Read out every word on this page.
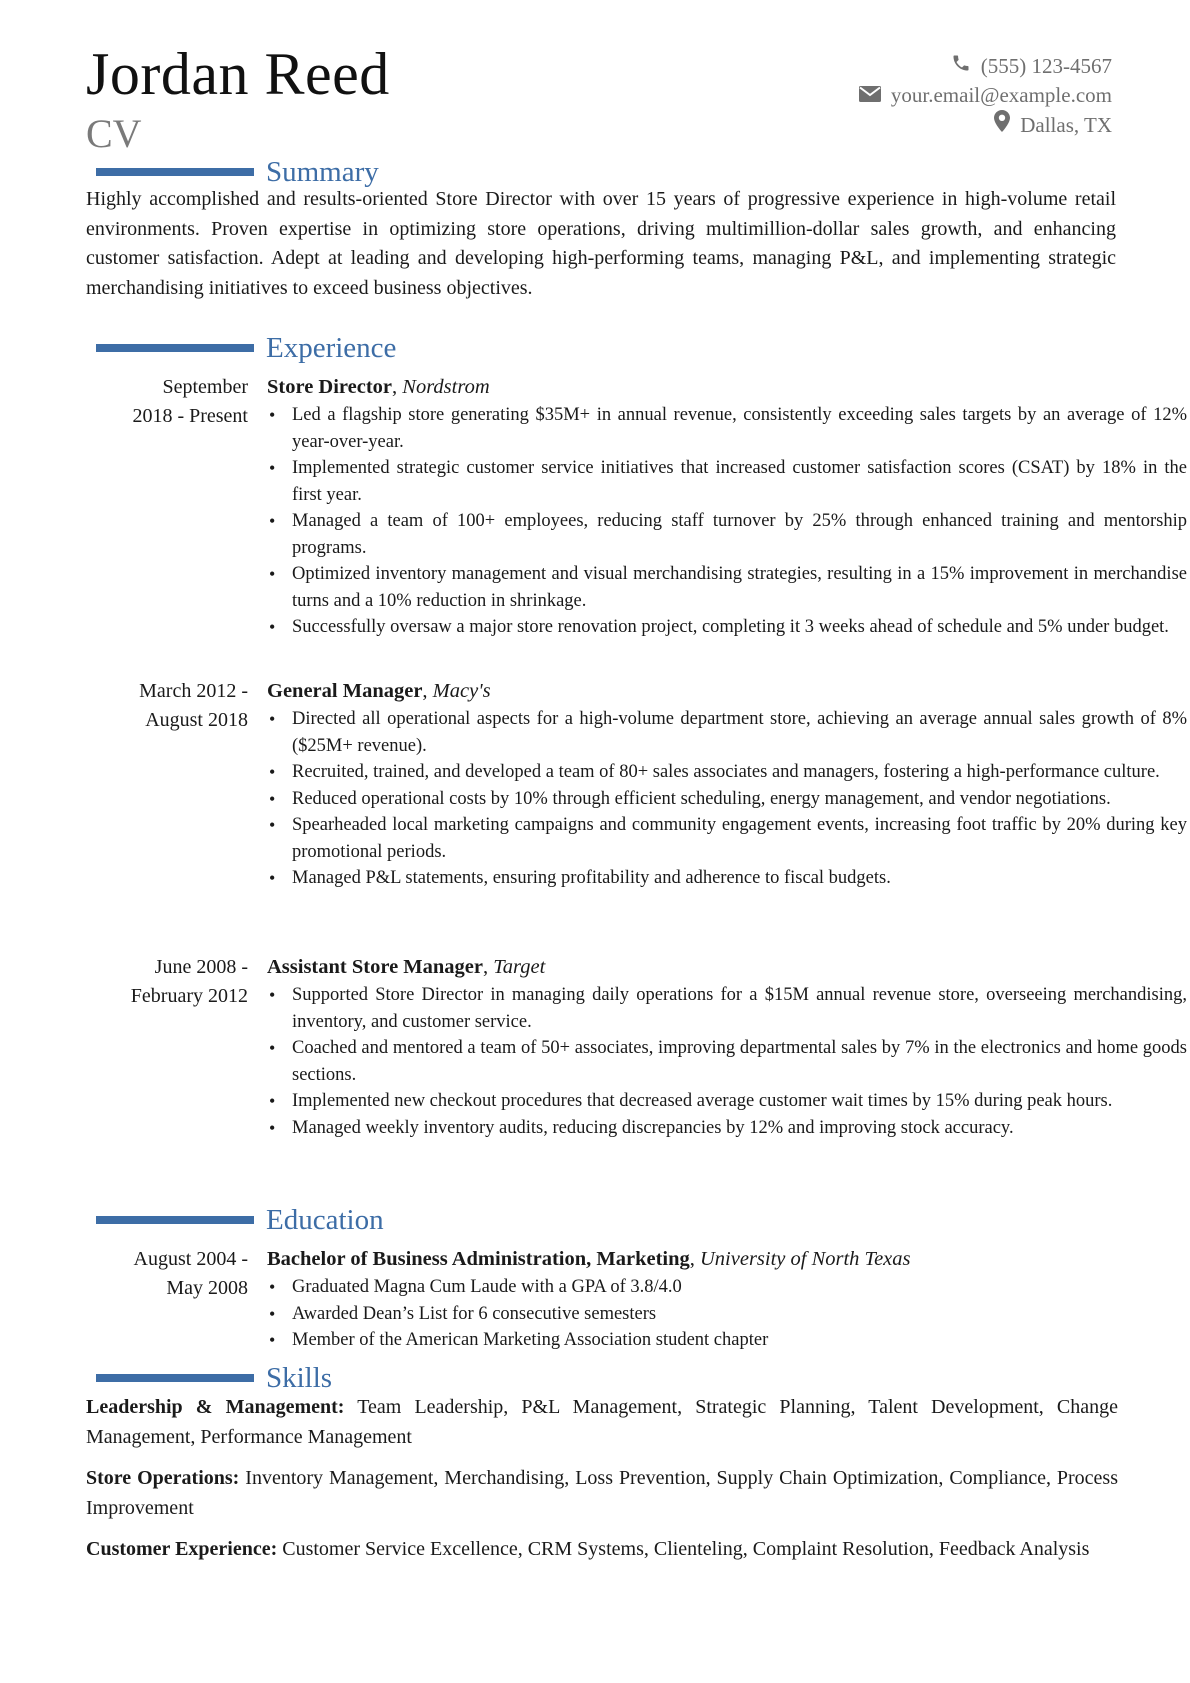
Jordan Reed
CV
(555) 123-4567
your.email@example.com
Dallas, TX
Summary
Highly accomplished and results-oriented Store Director with over 15 years of progressive experience in high-volume retail environments. Proven expertise in optimizing store operations, driving multimillion-dollar sales growth, and enhancing customer satisfaction. Adept at leading and developing high-performing teams, managing P&L, and implementing strategic merchandising initiatives to exceed business objectives.
Experience
September
2018 - Present
Store Director, Nordstrom
• Led a flagship store generating $35M+ in annual revenue, consistently exceeding sales targets by an average of 12% year-over-year.
• Implemented strategic customer service initiatives that increased customer satisfaction scores (CSAT) by 18% in the first year.
• Managed a team of 100+ employees, reducing staff turnover by 25% through enhanced training and mentorship programs.
• Optimized inventory management and visual merchandising strategies, resulting in a 15% improvement in merchandise turns and a 10% reduction in shrinkage.
• Successfully oversaw a major store renovation project, completing it 3 weeks ahead of schedule and 5% under budget.
March 2012 -
August 2018
General Manager, Macy's
• Directed all operational aspects for a high-volume department store, achieving an average annual sales growth of 8% ($25M+ revenue).
• Recruited, trained, and developed a team of 80+ sales associates and managers, fostering a high-performance culture.
• Reduced operational costs by 10% through efficient scheduling, energy management, and vendor negotiations.
• Spearheaded local marketing campaigns and community engagement events, increasing foot traffic by 20% during key promotional periods.
• Managed P&L statements, ensuring profitability and adherence to fiscal budgets.
June 2008 -
February 2012
Assistant Store Manager, Target
• Supported Store Director in managing daily operations for a $15M annual revenue store, overseeing merchandising, inventory, and customer service.
• Coached and mentored a team of 50+ associates, improving departmental sales by 7% in the electronics and home goods sections.
• Implemented new checkout procedures that decreased average customer wait times by 15% during peak hours.
• Managed weekly inventory audits, reducing discrepancies by 12% and improving stock accuracy.
Education
August 2004 -
May 2008
Bachelor of Business Administration, Marketing, University of North Texas
• Graduated Magna Cum Laude with a GPA of 3.8/4.0
• Awarded Dean’s List for 6 consecutive semesters
• Member of the American Marketing Association student chapter
Skills
Leadership & Management: Team Leadership, P&L Management, Strategic Planning, Talent Development, Change Management, Performance Management
Store Operations: Inventory Management, Merchandising, Loss Prevention, Supply Chain Optimization, Compliance, Process Improvement
Customer Experience: Customer Service Excellence, CRM Systems, Clienteling, Complaint Resolution, Feedback Analysis
